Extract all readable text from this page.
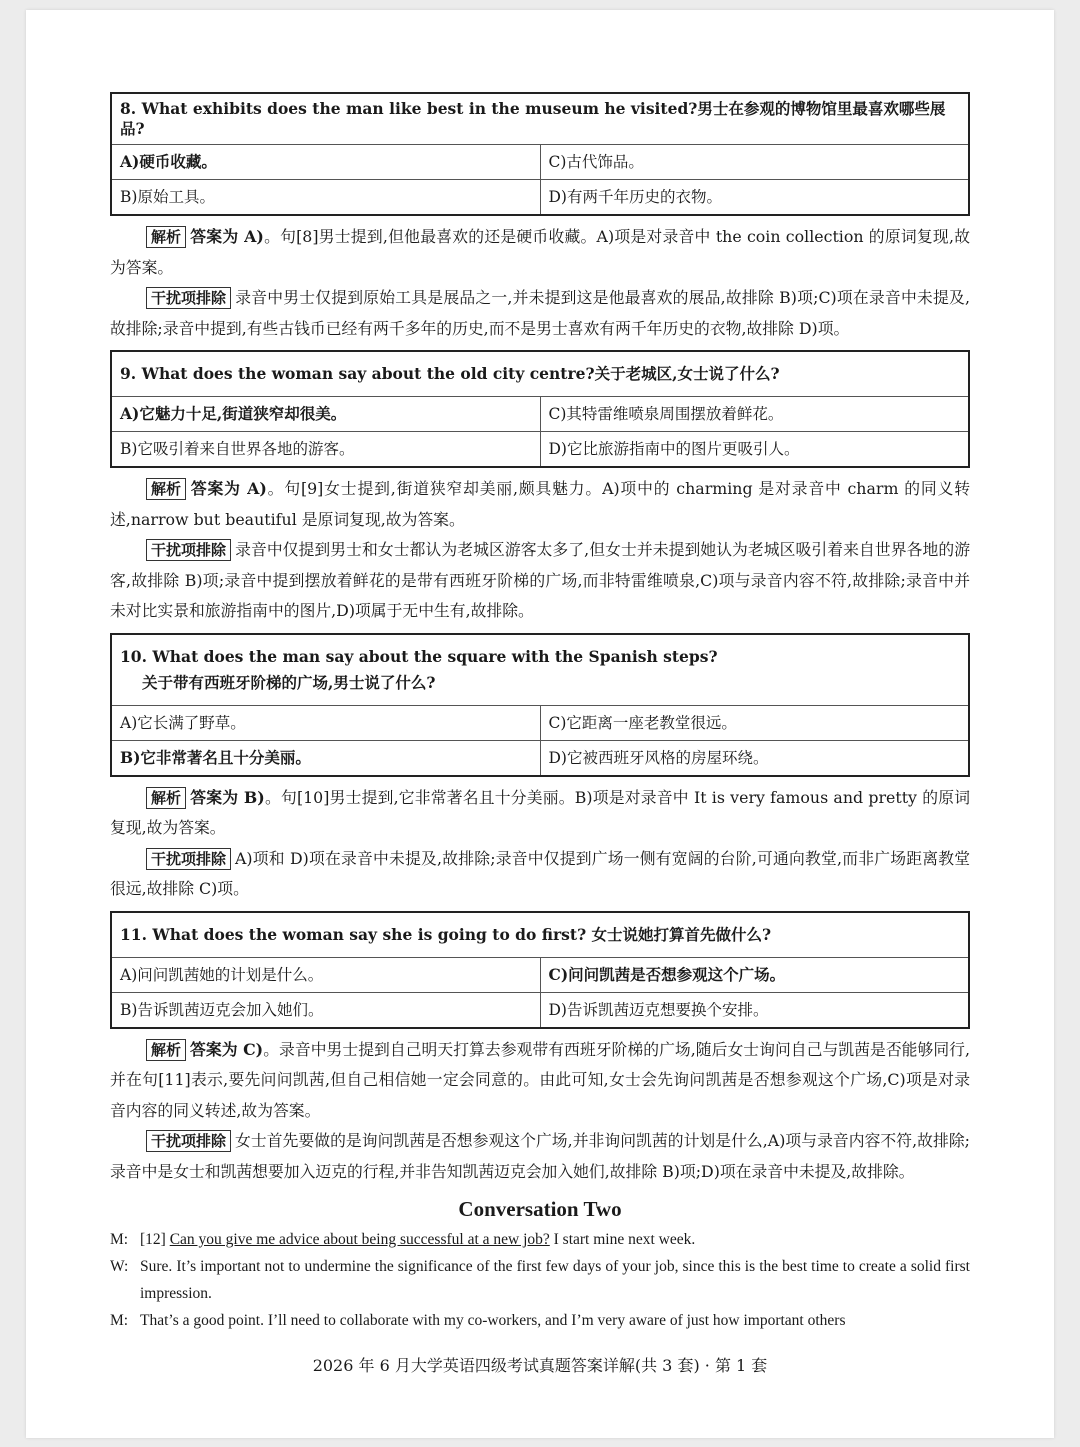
8. What exhibits does the man like best in the museum he visited?男士在参观的博物馆里最喜欢哪些展品?	
A)硬币收藏。	C)古代饰品。
B)原始工具。	D)有两千年历史的衣物。

解析 答案为 A)。句[8]男士提到,但他最喜欢的还是硬币收藏。A)项是对录音中 the coin collection 的原词复现,故为答案。

干扰项排除 录音中男士仅提到原始工具是展品之一,并未提到这是他最喜欢的展品,故排除 B)项;C)项在录音中未提及,故排除;录音中提到,有些古钱币已经有两千多年的历史,而不是男士喜欢有两千年历史的衣物,故排除 D)项。

9. What does the woman say about the old city centre?关于老城区,女士说了什么?	
A)它魅力十足,街道狭窄却很美。	C)其特雷维喷泉周围摆放着鲜花。
B)它吸引着来自世界各地的游客。	D)它比旅游指南中的图片更吸引人。

解析 答案为 A)。句[9]女士提到,街道狭窄却美丽,颇具魅力。A)项中的 charming 是对录音中 charm 的同义转述,narrow but beautiful 是原词复现,故为答案。

干扰项排除 录音中仅提到男士和女士都认为老城区游客太多了,但女士并未提到她认为老城区吸引着来自世界各地的游客,故排除 B)项;录音中提到摆放着鲜花的是带有西班牙阶梯的广场,而非特雷维喷泉,C)项与录音内容不符,故排除;录音中并未对比实景和旅游指南中的图片,D)项属于无中生有,故排除。

10. What does the man say about the square with the Spanish steps?
关于带有西班牙阶梯的广场,男士说了什么?	

A)它长满了野草。	C)它距离一座老教堂很远。
B)它非常著名且十分美丽。	D)它被西班牙风格的房屋环绕。

解析 答案为 B)。句[10]男士提到,它非常著名且十分美丽。B)项是对录音中 It is very famous and pretty 的原词复现,故为答案。

干扰项排除 A)项和 D)项在录音中未提及,故排除;录音中仅提到广场一侧有宽阔的台阶,可通向教堂,而非广场距离教堂很远,故排除 C)项。

11. What does the woman say she is going to do first? 女士说她打算首先做什么?	
A)问问凯茜她的计划是什么。	C)问问凯茜是否想参观这个广场。
B)告诉凯茜迈克会加入她们。	D)告诉凯茜迈克想要换个安排。

解析 答案为 C)。录音中男士提到自己明天打算去参观带有西班牙阶梯的广场,随后女士询问自己与凯茜是否能够同行,并在句[11]表示,要先问问凯茜,但自己相信她一定会同意的。由此可知,女士会先询问凯茜是否想参观这个广场,C)项是对录音内容的同义转述,故为答案。

干扰项排除 女士首先要做的是询问凯茜是否想参观这个广场,并非询问凯茜的计划是什么,A)项与录音内容不符,故排除;录音中是女士和凯茜想要加入迈克的行程,并非告知凯茜迈克会加入她们,故排除 B)项;D)项在录音中未提及,故排除。

Conversation Two
M: [12] Can you give me advice about being successful at a new job? I start mine next week.
W: Sure. It’s important not to undermine the significance of the first few days of your job, since this is the best time to create a solid first impression.
M: That’s a good point. I’ll need to collaborate with my co-workers, and I’m very aware of just how important others
2026 年 6 月大学英语四级考试真题答案详解(共 3 套) · 第 1 套
